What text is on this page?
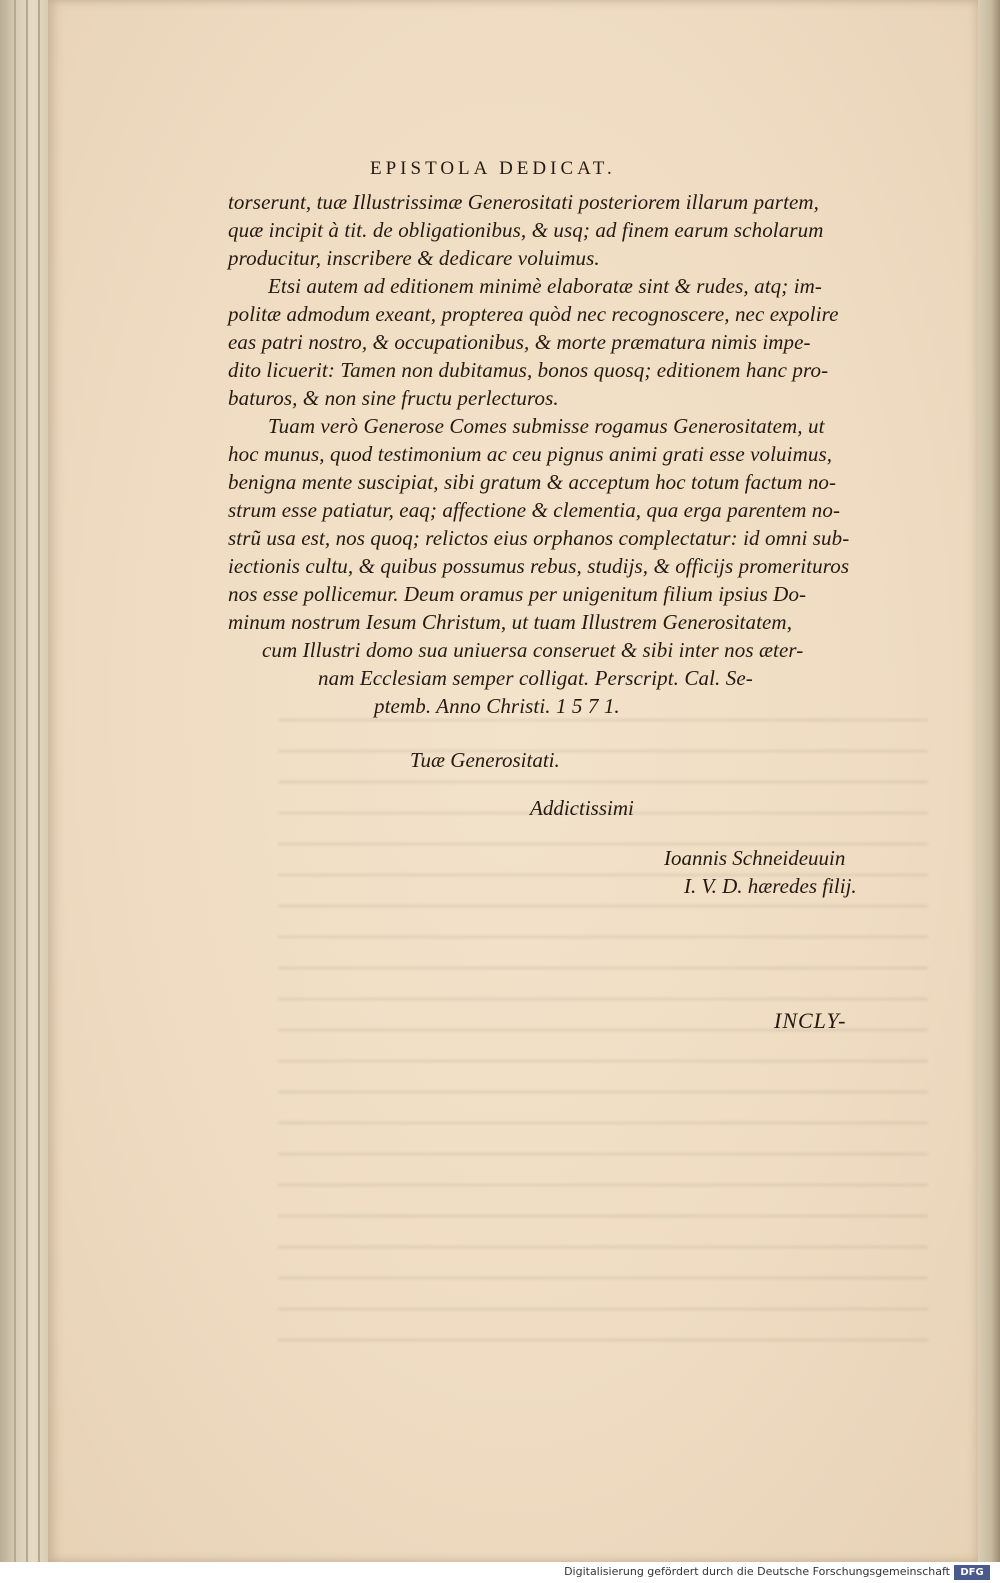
EPISTOLA DEDICAT.
torserunt, tuæ Illustrissimæ Generositati posteriorem illarum partem,
quæ incipit à tit. de obligationibus, & usq; ad finem earum scholarum
producitur, inscribere & dedicare voluimus.
Etsi autem ad editionem minimè elaboratæ sint & rudes, atq; im-
politæ admodum exeant, propterea quòd nec recognoscere, nec expolire
eas patri nostro, & occupationibus, & morte præmatura nimis impe-
dito licuerit: Tamen non dubitamus, bonos quosq; editionem hanc pro-
baturos, & non sine fructu perlecturos.
Tuam verò Generose Comes submisse rogamus Generositatem, ut
hoc munus, quod testimonium ac ceu pignus animi grati esse voluimus,
benigna mente suscipiat, sibi gratum & acceptum hoc totum factum no-
strum esse patiatur, eaq; affectione & clementia, qua erga parentem no-
strũ usa est, nos quoq; relictos eius orphanos complectatur: id omni sub-
iectionis cultu, & quibus possumus rebus, studijs, & officijs promerituros
nos esse pollicemur. Deum oramus per unigenitum filium ipsius Do-
minum nostrum Iesum Christum, ut tuam Illustrem Generositatem,
cum Illustri domo sua uniuersa conseruet & sibi inter nos æter-
nam Ecclesiam semper colligat. Perscript. Cal. Se-
ptemb. Anno Christi. 1 5 7 1.
Tuæ Generositati.
Addictissimi
Ioannis Schneideuuin
I. V. D. hæredes filij.
INCLY-
Digitalisierung gefördert durch die Deutsche Forschungsgemeinschaft	DFG
